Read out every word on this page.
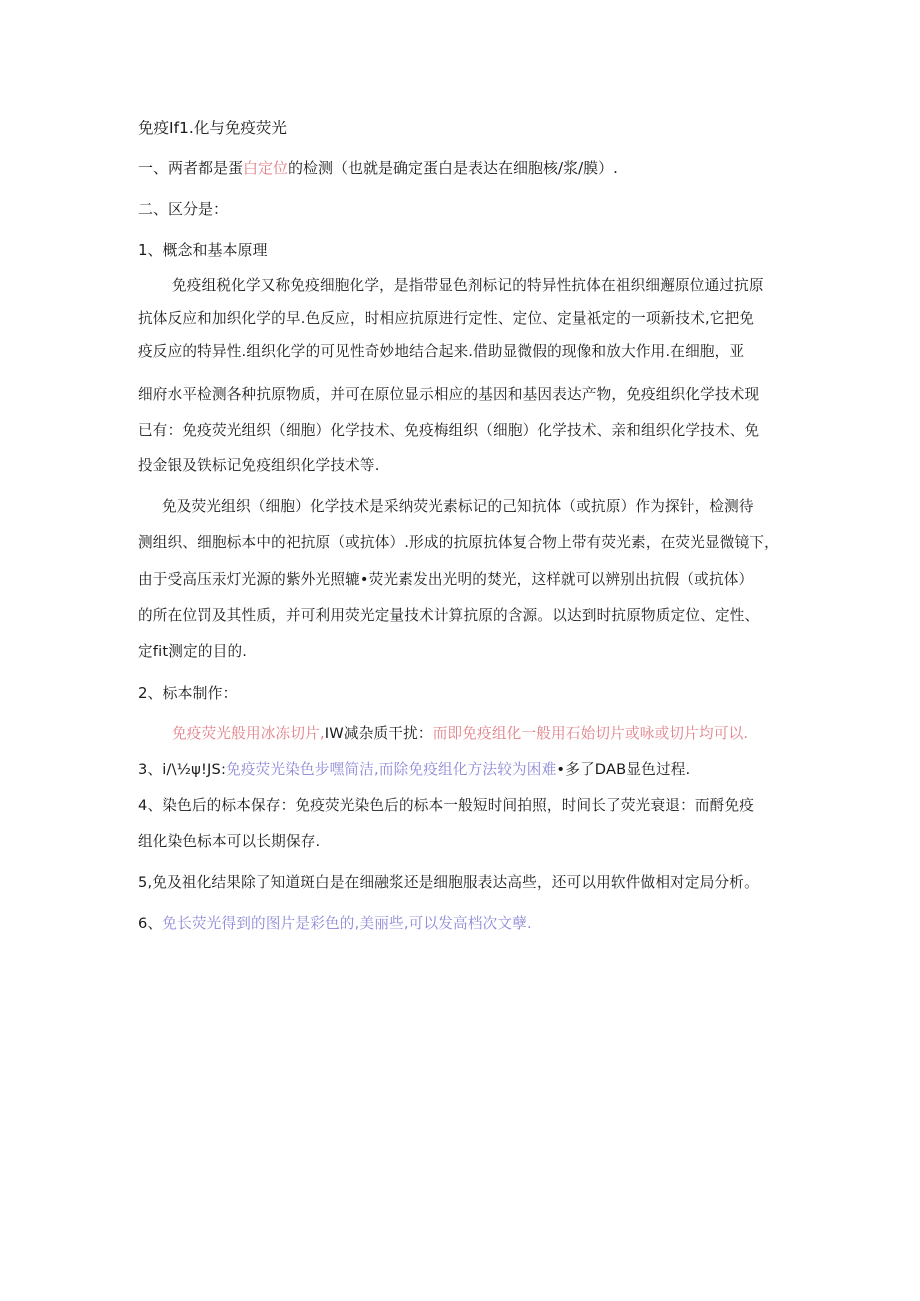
免疫If1.化与免疫荧光
一、两者都是蛋白定位的检测（也就是确定蛋白是表达在细胞核/浆/膜）.
二、区分是：
1、概念和基本原理
免疫组税化学又称免疫细胞化学，是指带显色剂标记的特异性抗体在祖织细邂原位通过抗原
抗体反应和加织化学的早.色反应，时相应抗原进行定性、定位、定量祇定的一项新技术,它把免
疫反应的特异性.组织化学的可见性奇妙地结合起来.借助显微假的现像和放大作用.在细胞，亚
细府水平检测各种抗原物质，并可在原位显示相应的基因和基因表达产物，免疫组织化学技术现
已有：免疫荧光组织（细胞）化学技术、免疫梅组织（细胞）化学技术、亲和组织化学技术、免
投金银及铁标记免疫组织化学技术等.
免及荧光组织（细胞）化学技术是采纳荧光素标记的己知抗体（或抗原）作为探针，检测待
测组织、细胞标本中的祀抗原（或抗体）.形成的抗原抗体复合物上带有荧光素，在荧光显微镜下，
由于受高压汞灯光源的紫外光照辘•荧光素发出光明的焚光，这样就可以辨别出抗假（或抗体）
的所在位罚及其性质，并可利用荧光定量技术计算抗原的含源。以达到时抗原物质定位、定性、
定fit测定的目的.
2、标本制作：
免疫荧光般用冰冻切片,IW减杂质干扰：而即免疫组化一般用石始切片或咏或切片均可以.
3、i/\½ψ!JS:免疫荧光染色步嘿简洁,而除免疫组化方法较为困难•多了DAB显色过程.
4、染色后的标本保存：免疫荧光染色后的标本一般短时间拍照，时间长了荧光衰退：而酹免疫
组化染色标本可以长期保存.
5,免及祖化结果除了知道斑白是在细融浆还是细胞服表达高些，还可以用软件做相对定局分析。
6、免长荧光得到的图片是彩色的,美丽些,可以发高档次文孽.
